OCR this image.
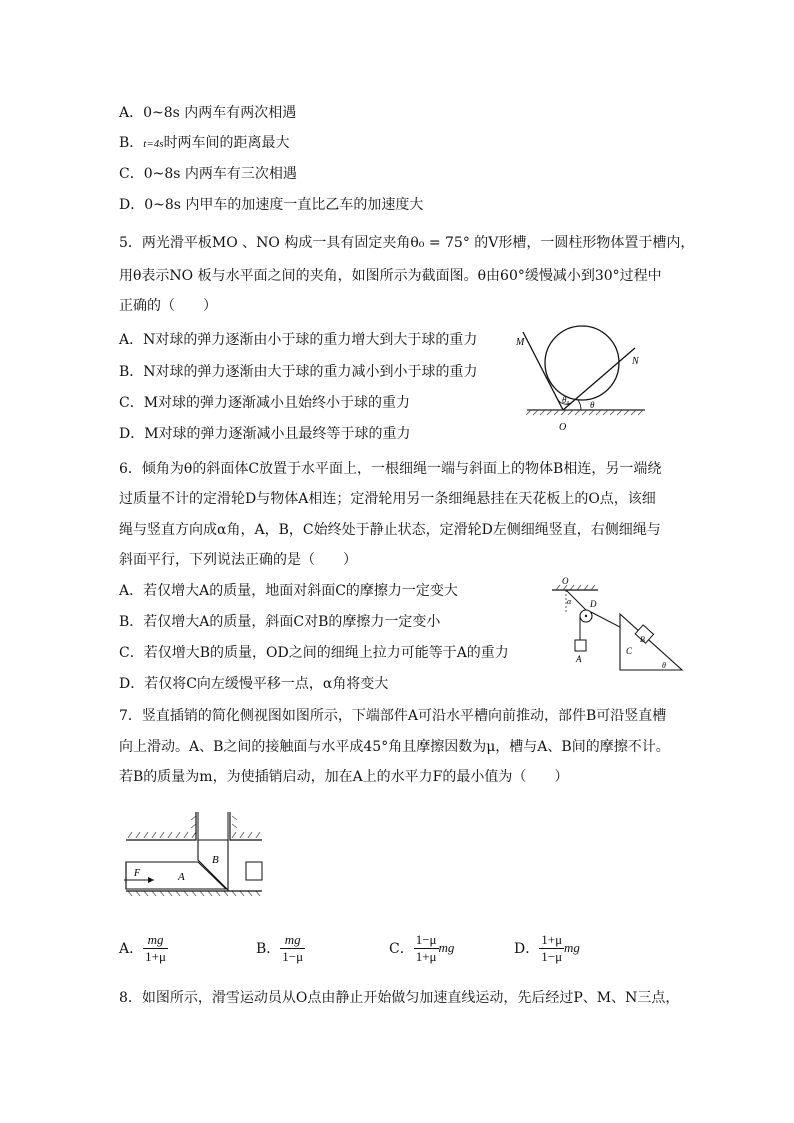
A．0~8s 内两车有两次相遇
B．t=4s时两车间的距离最大
C．0~8s 内两车有三次相遇
D．0~8s 内甲车的加速度一直比乙车的加速度大
5．两光滑平板MO 、NO 构成一具有固定夹角θ₀ = 75° 的V形槽，一圆柱形物体置于槽内，
用θ表示NO 板与水平面之间的夹角，如图所示为截面图。θ由60°缓慢减小到30°过程中
正确的（　　）
A．N对球的弹力逐渐由小于球的重力增大到大于球的重力
B．N对球的弹力逐渐由大于球的重力减小到小于球的重力
C．M对球的弹力逐渐减小且始终小于球的重力
D．M对球的弹力逐渐减小且最终等于球的重力
M
N
O
θ₀ θ
6．倾角为θ的斜面体C放置于水平面上，一根细绳一端与斜面上的物体B相连，另一端绕
过质量不计的定滑轮D与物体A相连；定滑轮用另一条细绳悬挂在天花板上的O点，该细
绳与竖直方向成α角，A，B，C始终处于静止状态，定滑轮D左侧细绳竖直，右侧细绳与
斜面平行，下列说法正确的是（　　）
A．若仅增大A的质量，地面对斜面C的摩擦力一定变大
B．若仅增大A的质量，斜面C对B的摩擦力一定变小
C．若仅增大B的质量，OD之间的细绳上拉力可能等于A的重力
D．若仅将C向左缓慢平移一点，α角将变大
O
D
A
C
B
α
θ
7．竖直插销的简化侧视图如图所示，下端部件A可沿水平槽向前推动，部件B可沿竖直槽
向上滑动。A、B之间的接触面与水平成45°角且摩擦因数为μ，槽与A、B间的摩擦不计。
若B的质量为m，为使插销启动，加在A上的水平力F的最小值为（　　）
F	A
B
A． $\frac{mg}{1+\mu}$	B． $\frac{mg}{1-\mu}$	C． $\frac{1-\mu}{1+\mu}$ mg	D． $\frac{1+\mu}{1-\mu}$ mg
8．如图所示，滑雪运动员从O点由静止开始做匀加速直线运动，先后经过P、M、N三点，
